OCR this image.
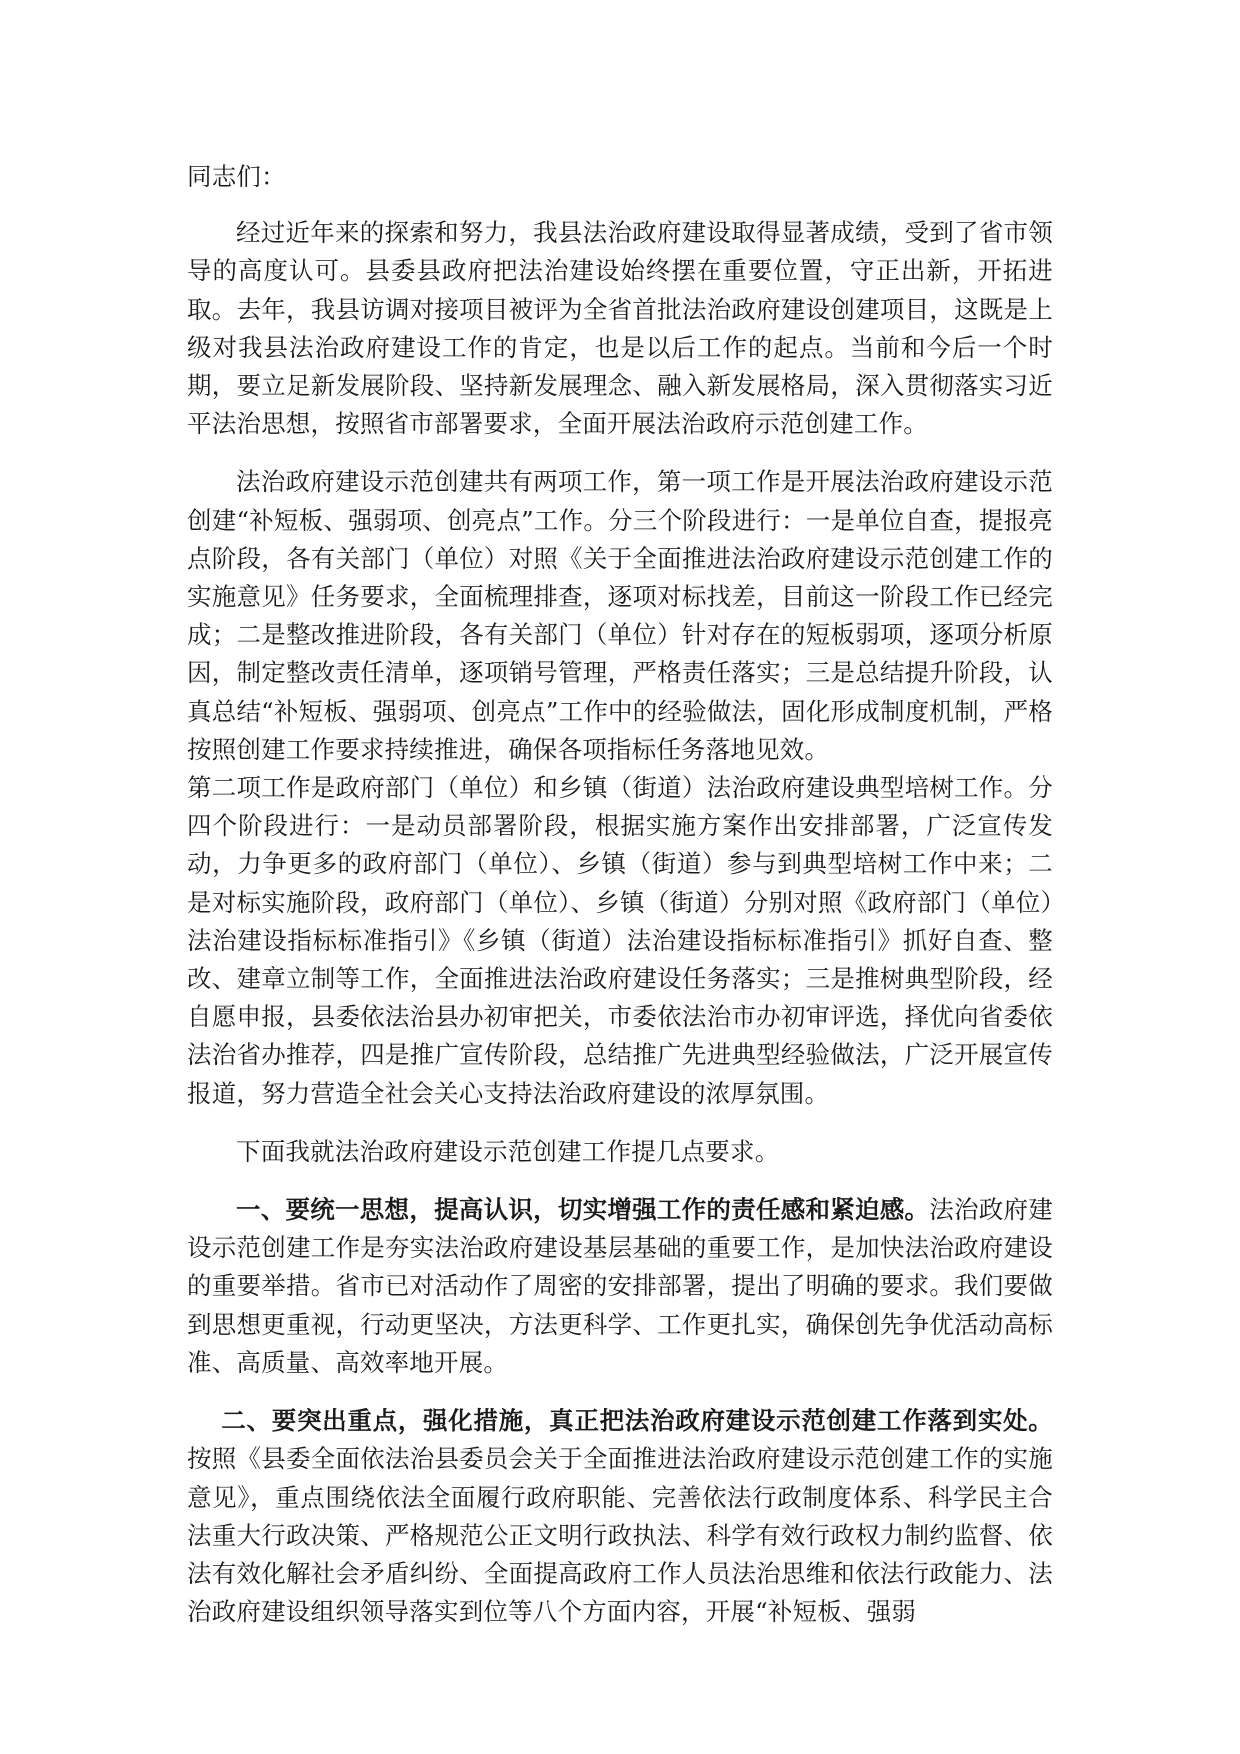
同志们：
经过近年来的探索和努力，我县法治政府建设取得显著成绩，受到了省市领导的高度认可。县委县政府把法治建设始终摆在重要位置，守正出新，开拓进取。去年，我县访调对接项目被评为全省首批法治政府建设创建项目，这既是上级对我县法治政府建设工作的肯定，也是以后工作的起点。当前和今后一个时期，要立足新发展阶段、坚持新发展理念、融入新发展格局，深入贯彻落实习近平法治思想，按照省市部署要求，全面开展法治政府示范创建工作。
法治政府建设示范创建共有两项工作，第一项工作是开展法治政府建设示范创建“补短板、强弱项、创亮点”工作。分三个阶段进行：一是单位自查，提报亮点阶段，各有关部门（单位）对照《关于全面推进法治政府建设示范创建工作的实施意见》任务要求，全面梳理排查，逐项对标找差，目前这一阶段工作已经完成；二是整改推进阶段，各有关部门（单位）针对存在的短板弱项，逐项分析原因，制定整改责任清单，逐项销号管理，严格责任落实；三是总结提升阶段，认真总结“补短板、强弱项、创亮点”工作中的经验做法，固化形成制度机制，严格按照创建工作要求持续推进，确保各项指标任务落地见效。
第二项工作是政府部门（单位）和乡镇（街道）法治政府建设典型培树工作。分四个阶段进行：一是动员部署阶段，根据实施方案作出安排部署，广泛宣传发动，力争更多的政府部门（单位）、乡镇（街道）参与到典型培树工作中来；二是对标实施阶段，政府部门（单位）、乡镇（街道）分别对照《政府部门（单位）法治建设指标标准指引》《乡镇（街道）法治建设指标标准指引》抓好自查、整改、建章立制等工作，全面推进法治政府建设任务落实；三是推树典型阶段，经自愿申报，县委依法治县办初审把关，市委依法治市办初审评选，择优向省委依法治省办推荐，四是推广宣传阶段，总结推广先进典型经验做法，广泛开展宣传报道，努力营造全社会关心支持法治政府建设的浓厚氛围。
下面我就法治政府建设示范创建工作提几点要求。
一、要统一思想，提高认识，切实增强工作的责任感和紧迫感。法治政府建设示范创建工作是夯实法治政府建设基层基础的重要工作，是加快法治政府建设的重要举措。省市已对活动作了周密的安排部署，提出了明确的要求。我们要做到思想更重视，行动更坚决，方法更科学、工作更扎实，确保创先争优活动高标准、高质量、高效率地开展。
二、要突出重点，强化措施，真正把法治政府建设示范创建工作落到实处。按照《县委全面依法治县委员会关于全面推进法治政府建设示范创建工作的实施意见》，重点围绕依法全面履行政府职能、完善依法行政制度体系、科学民主合法重大行政决策、严格规范公正文明行政执法、科学有效行政权力制约监督、依法有效化解社会矛盾纠纷、全面提高政府工作人员法治思维和依法行政能力、法治政府建设组织领导落实到位等八个方面内容，开展“补短板、强弱
